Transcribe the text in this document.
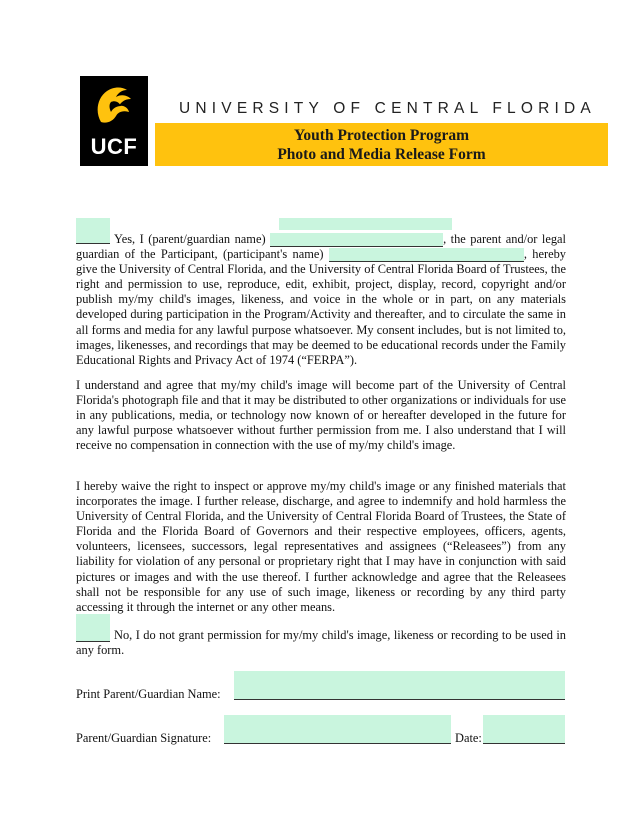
UCF
UNIVERSITY OF CENTRAL FLORIDA
Youth Protection Program
Photo and Media Release Form

Yes, I (parent/guardian name)	, the parent and/or legal guardian of the Participant, (participant's name)	, hereby give the University of Central Florida, and the University of Central Florida Board of Trustees, the right and permission to use, reproduce, edit, exhibit, project, display, record, copyright and/or publish my/my child's images, likeness, and voice in the whole or in part, on any materials developed during participation in the Program/Activity and thereafter, and to circulate the same in all forms and media for any lawful purpose whatsoever. My consent includes, but is not limited to, images, likenesses, and recordings that may be deemed to be educational records under the Family Educational Rights and Privacy Act of 1974 (“FERPA”).

I understand and agree that my/my child's image will become part of the University of Central Florida's photograph file and that it may be distributed to other organizations or individuals for use in any publications, media, or technology now known of or hereafter developed in the future for any lawful purpose whatsoever without further permission from me. I also understand that I will receive no compensation in connection with the use of my/my child's image.

I hereby waive the right to inspect or approve my/my child's image or any finished materials that incorporates the image. I further release, discharge, and agree to indemnify and hold harmless the University of Central Florida, and the University of Central Florida Board of Trustees, the State of Florida and the Florida Board of Governors and their respective employees, officers, agents, volunteers, licensees, successors, legal representatives and assignees (“Releasees”) from any liability for violation of any personal or proprietary right that I may have in conjunction with said pictures or images and with the use thereof. I further acknowledge and agree that the Releasees shall not be responsible for any use of such image, likeness or recording by any third party accessing it through the internet or any other means.

No, I do not grant permission for my/my child's image, likeness or recording to be used in any form.

Print Parent/Guardian Name:
Parent/Guardian Signature:	Date:
